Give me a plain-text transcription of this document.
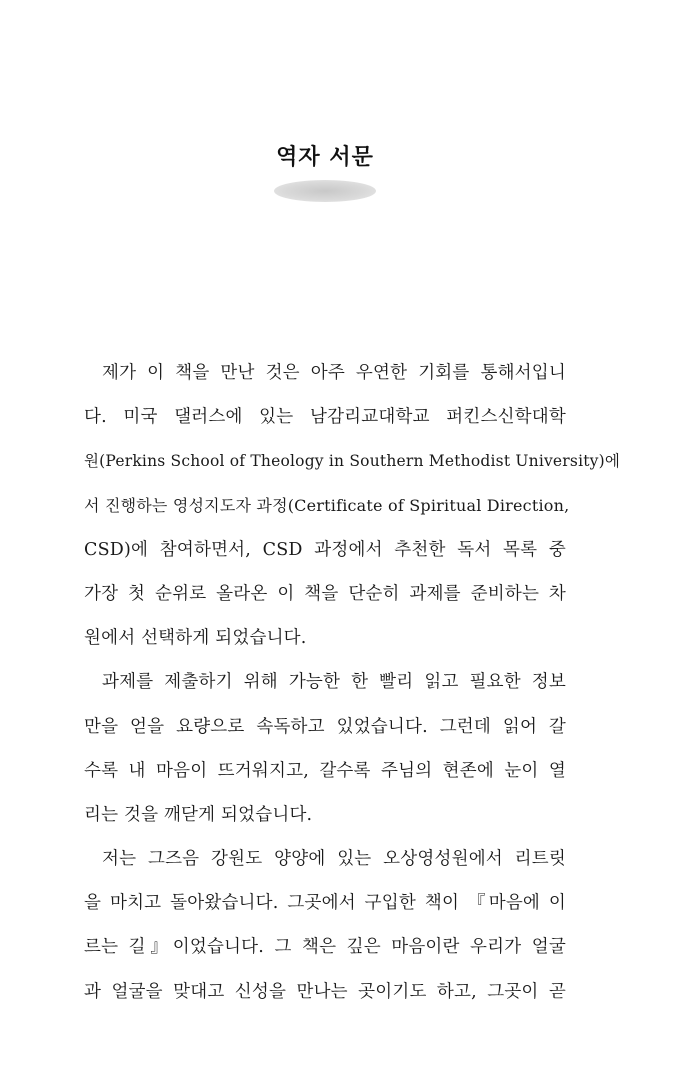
역자 서문
제가 이 책을 만난 것은 아주 우연한 기회를 통해서입니
다. 미국 댈러스에 있는 남감리교대학교 퍼킨스신학대학
원(Perkins School of Theology in Southern Methodist University)에
서 진행하는 영성지도자 과정(Certificate of Spiritual Direction,
CSD)에 참여하면서, CSD 과정에서 추천한 독서 목록 중
가장 첫 순위로 올라온 이 책을 단순히 과제를 준비하는 차
원에서 선택하게 되었습니다.
과제를 제출하기 위해 가능한 한 빨리 읽고 필요한 정보
만을 얻을 요량으로 속독하고 있었습니다. 그런데 읽어 갈
수록 내 마음이 뜨거워지고, 갈수록 주님의 현존에 눈이 열
리는 것을 깨닫게 되었습니다.
저는 그즈음 강원도 양양에 있는 오상영성원에서 리트릿
을 마치고 돌아왔습니다. 그곳에서 구입한 책이 『마음에 이
르는 길』이었습니다. 그 책은 깊은 마음이란 우리가 얼굴
과 얼굴을 맞대고 신성을 만나는 곳이기도 하고, 그곳이 곧
